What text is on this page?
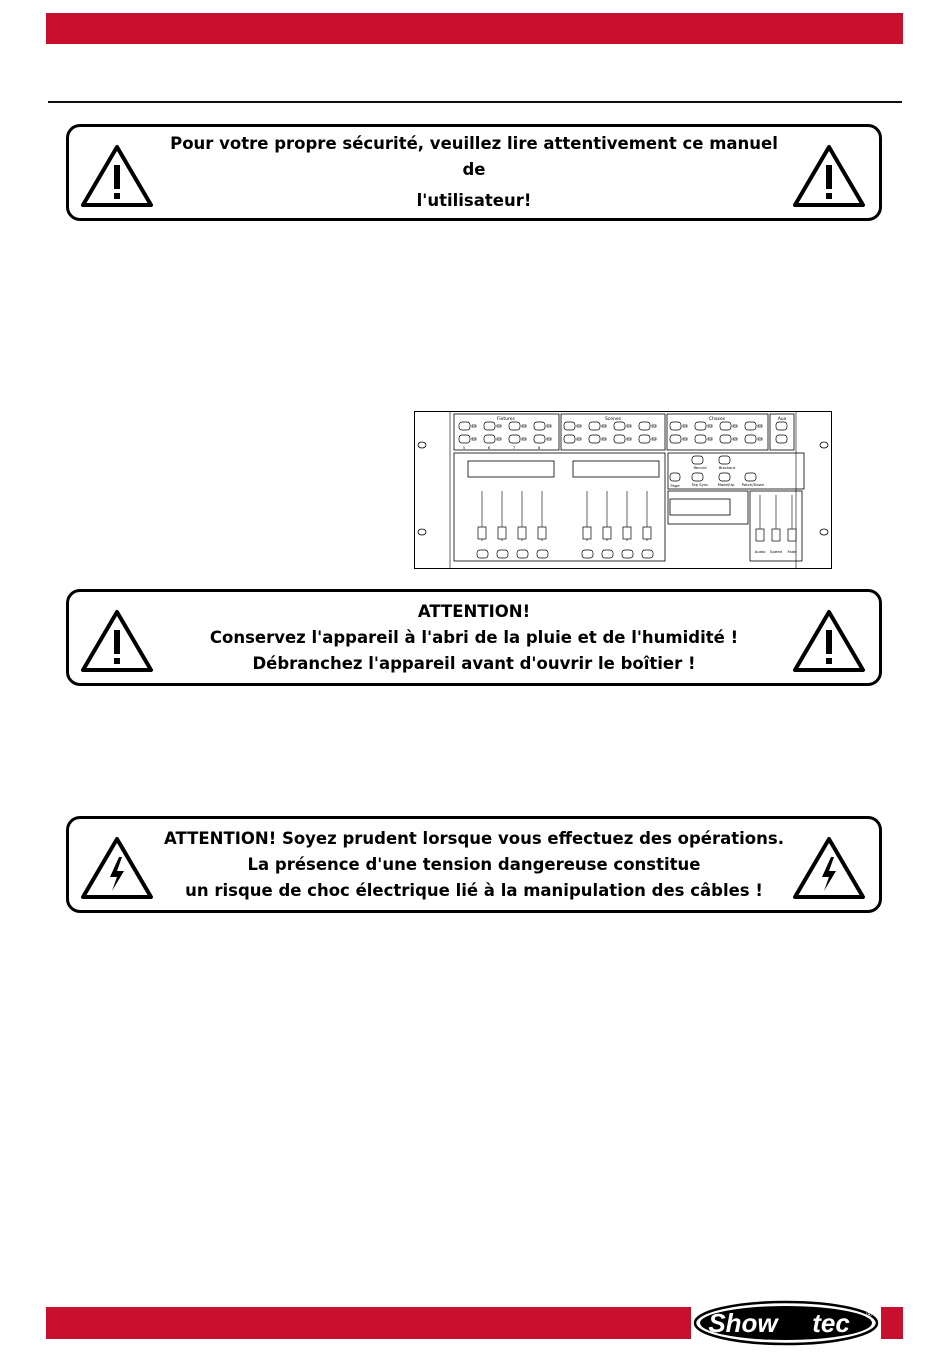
Pour votre propre sécurité, veuillez lire attentivement ce manuel de
l'utilisateur!
Fixtures	Scenes	Chases	Aux
5	6	7	8
Record	Blackout
Page	Tap Sync Mode/Up Patch/Down
Audio Speed Fade
ATTENTION!
Conservez l'appareil à l'abri de la pluie et de l'humidité !
Débranchez l'appareil avant d'ouvrir le boîtier !
ATTENTION! Soyez prudent lorsque vous effectuez des opérations.
La présence d'une tension dangereuse constitue
un risque de choc électrique lié à la manipulation des câbles !
Show tec ®
